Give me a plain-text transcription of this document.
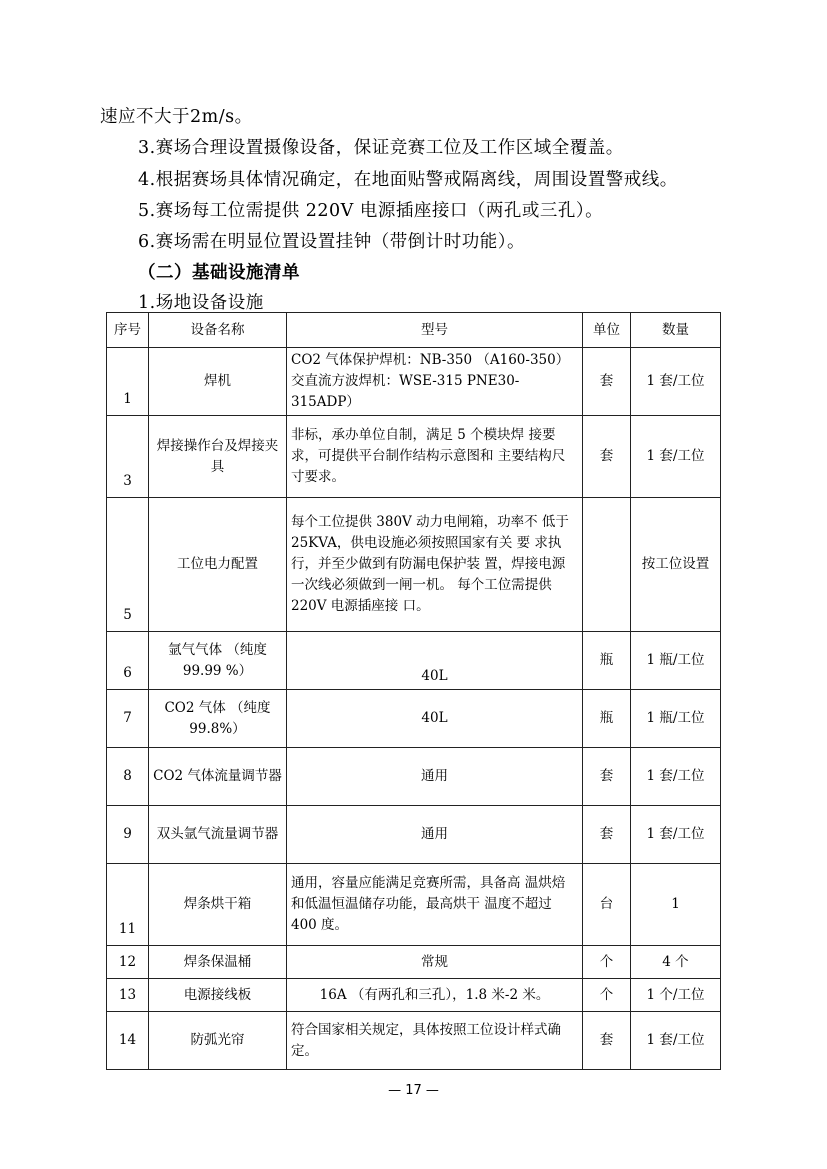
速应不大于2m/s。
3.赛场合理设置摄像设备，保证竞赛工位及工作区域全覆盖。
4.根据赛场具体情况确定，在地面贴警戒隔离线，周围设置警戒线。
5.赛场每工位需提供 220V 电源插座接口（两孔或三孔）。
6.赛场需在明显位置设置挂钟（带倒计时功能）。
（二）基础设施清单
1.场地设备设施
序号	设备名称	型号	单位	数量
1	焊机	CO2 气体保护焊机：NB-350 （A160-350）交直流方波焊机：WSE-315 PNE30-315ADP）	套	1 套/工位
3	焊接操作台及焊接夹具	非标，承办单位自制，满足 5 个模块焊 接要求，可提供平台制作结构示意图和 主要结构尺寸要求。	套	1 套/工位
5	工位电力配置	每个工位提供 380V 动力电闸箱，功率不 低于 25KVA，供电设施必须按照国家有关 要 求执行，并至少做到有防漏电保护装 置，焊接电源一次线必须做到一闸一机。 每个工位需提供 220V 电源插座接 口。		按工位设置
6	氩气气体 （纯度 99.99 %）	40L	瓶	1 瓶/工位
7	CO2 气体 （纯度 99.8%）	40L	瓶	1 瓶/工位
8	CO2 气体流量调节器	通用	套	1 套/工位
9	双头氩气流量调节器	通用	套	1 套/工位
11	焊条烘干箱	通用，容量应能满足竞赛所需，具备高 温烘焙和低温恒温储存功能，最高烘干 温度不超过 400 度。	台	1
12	焊条保温桶	常规	个	4 个
13	电源接线板	16A （有两孔和三孔），1.8 米-2 米。	个	1 个/工位
14	防弧光帘	符合国家相关规定，具体按照工位设计样式确定。	套	1 套/工位
— 17 —
